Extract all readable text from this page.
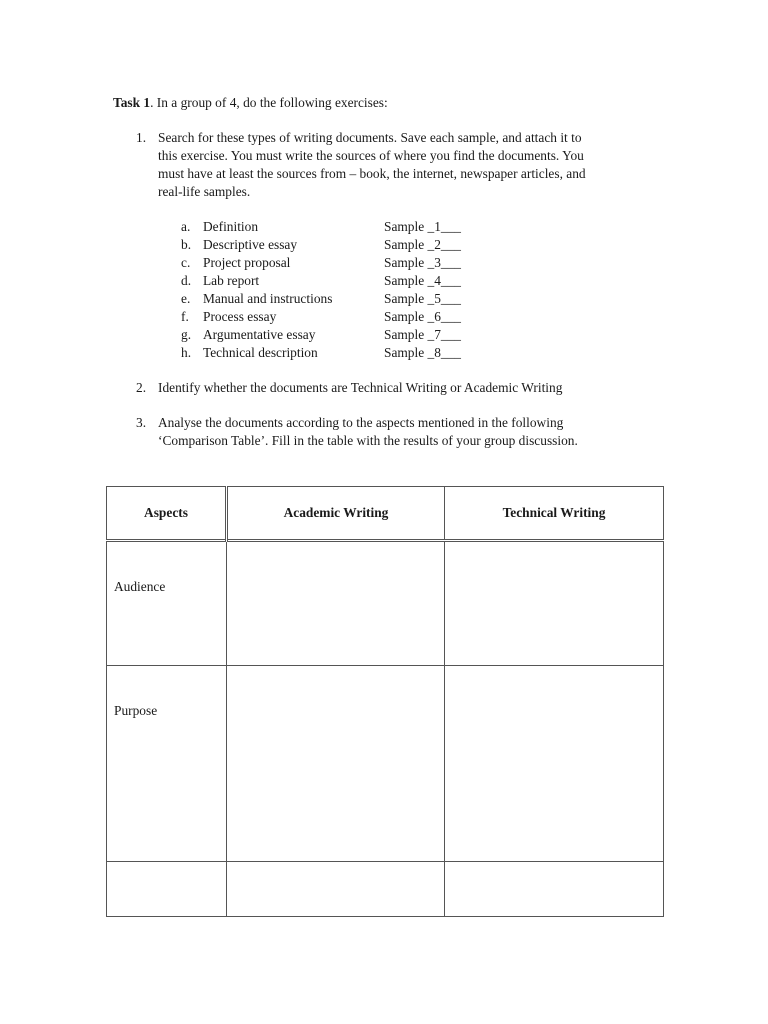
Task 1. In a group of 4, do the following exercises:
1. Search for these types of writing documents. Save each sample, and attach it to
this exercise. You must write the sources of where you find the documents. You
must have at least the sources from – book, the internet, newspaper articles, and
real-life samples.
a. Definition	Sample _1___
b. Descriptive essay	Sample _2___
c. Project proposal	Sample _3___
d. Lab report	Sample _4___
e. Manual and instructions	Sample _5___
f. Process essay	Sample _6___
g. Argumentative essay	Sample _7___
h. Technical description	Sample _8___
2. Identify whether the documents are Technical Writing or Academic Writing
3. Analyse the documents according to the aspects mentioned in the following
‘Comparison Table’. Fill in the table with the results of your group discussion.
Aspects	Academic Writing	Technical Writing
Audience		
Purpose		
